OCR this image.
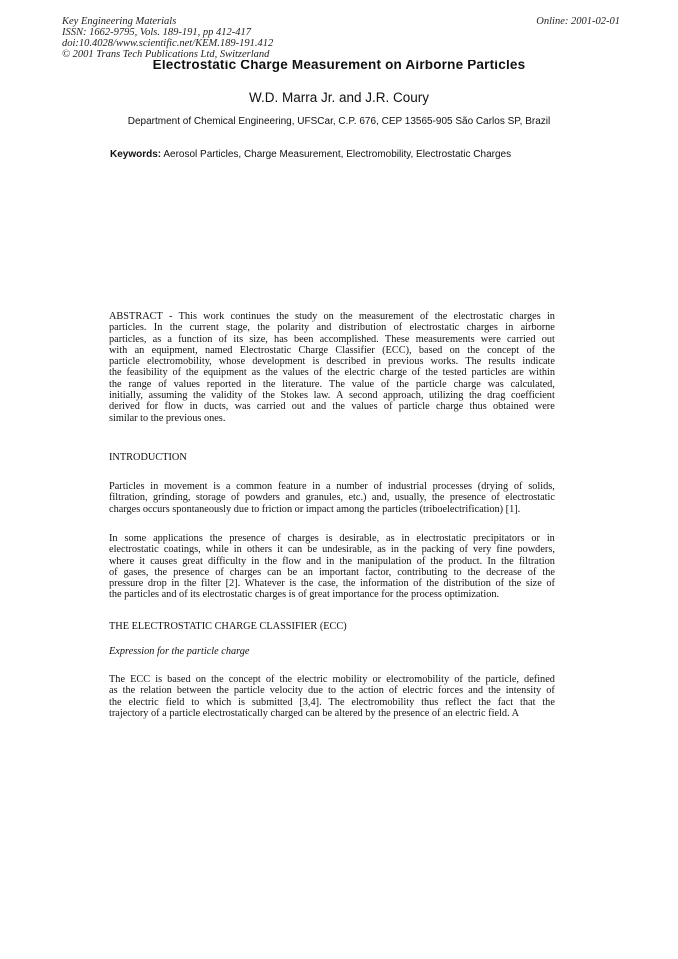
Key Engineering Materials
ISSN: 1662-9795, Vols. 189-191, pp 412-417
doi:10.4028/www.scientific.net/KEM.189-191.412
© 2001 Trans Tech Publications Ltd, Switzerland
Online: 2001-02-01
Electrostatic Charge Measurement on Airborne Particles
W.D. Marra Jr. and J.R. Coury
Department of Chemical Engineering, UFSCar, C.P. 676, CEP 13565-905 São Carlos SP, Brazil
Keywords: Aerosol Particles, Charge Measurement, Electromobility, Electrostatic Charges
ABSTRACT - This work continues the study on the measurement of the electrostatic charges in
particles. In the current stage, the polarity and distribution of electrostatic charges in airborne
particles, as a function of its size, has been accomplished. These measurements were carried out
with an equipment, named Electrostatic Charge Classifier (ECC), based on the concept of the
particle electromobility, whose development is described in previous works. The results indicate
the feasibility of the equipment as the values of the electric charge of the tested particles are within
the range of values reported in the literature. The value of the particle charge was calculated,
initially, assuming the validity of the Stokes law. A second approach, utilizing the drag coefficient
derived for flow in ducts, was carried out and the values of particle charge thus obtained were
similar to the previous ones.
INTRODUCTION
Particles in movement is a common feature in a number of industrial processes (drying of solids,
filtration, grinding, storage of powders and granules, etc.) and, usually, the presence of electrostatic
charges occurs spontaneously due to friction or impact among the particles (triboelectrification) [1].
In some applications the presence of charges is desirable, as in electrostatic precipitators or in
electrostatic coatings, while in others it can be undesirable, as in the packing of very fine powders,
where it causes great difficulty in the flow and in the manipulation of the product. In the filtration
of gases, the presence of charges can be an important factor, contributing to the decrease of the
pressure drop in the filter [2]. Whatever is the case, the information of the distribution of the size of
the particles and of its electrostatic charges is of great importance for the process optimization.
THE ELECTROSTATIC CHARGE CLASSIFIER (ECC)
Expression for the particle charge
The ECC is based on the concept of the electric mobility or electromobility of the particle, defined
as the relation between the particle velocity due to the action of electric forces and the intensity of
the electric field to which is submitted [3,4]. The electromobility thus reflect the fact that the
trajectory of a particle electrostatically charged can be altered by the presence of an electric field. A
